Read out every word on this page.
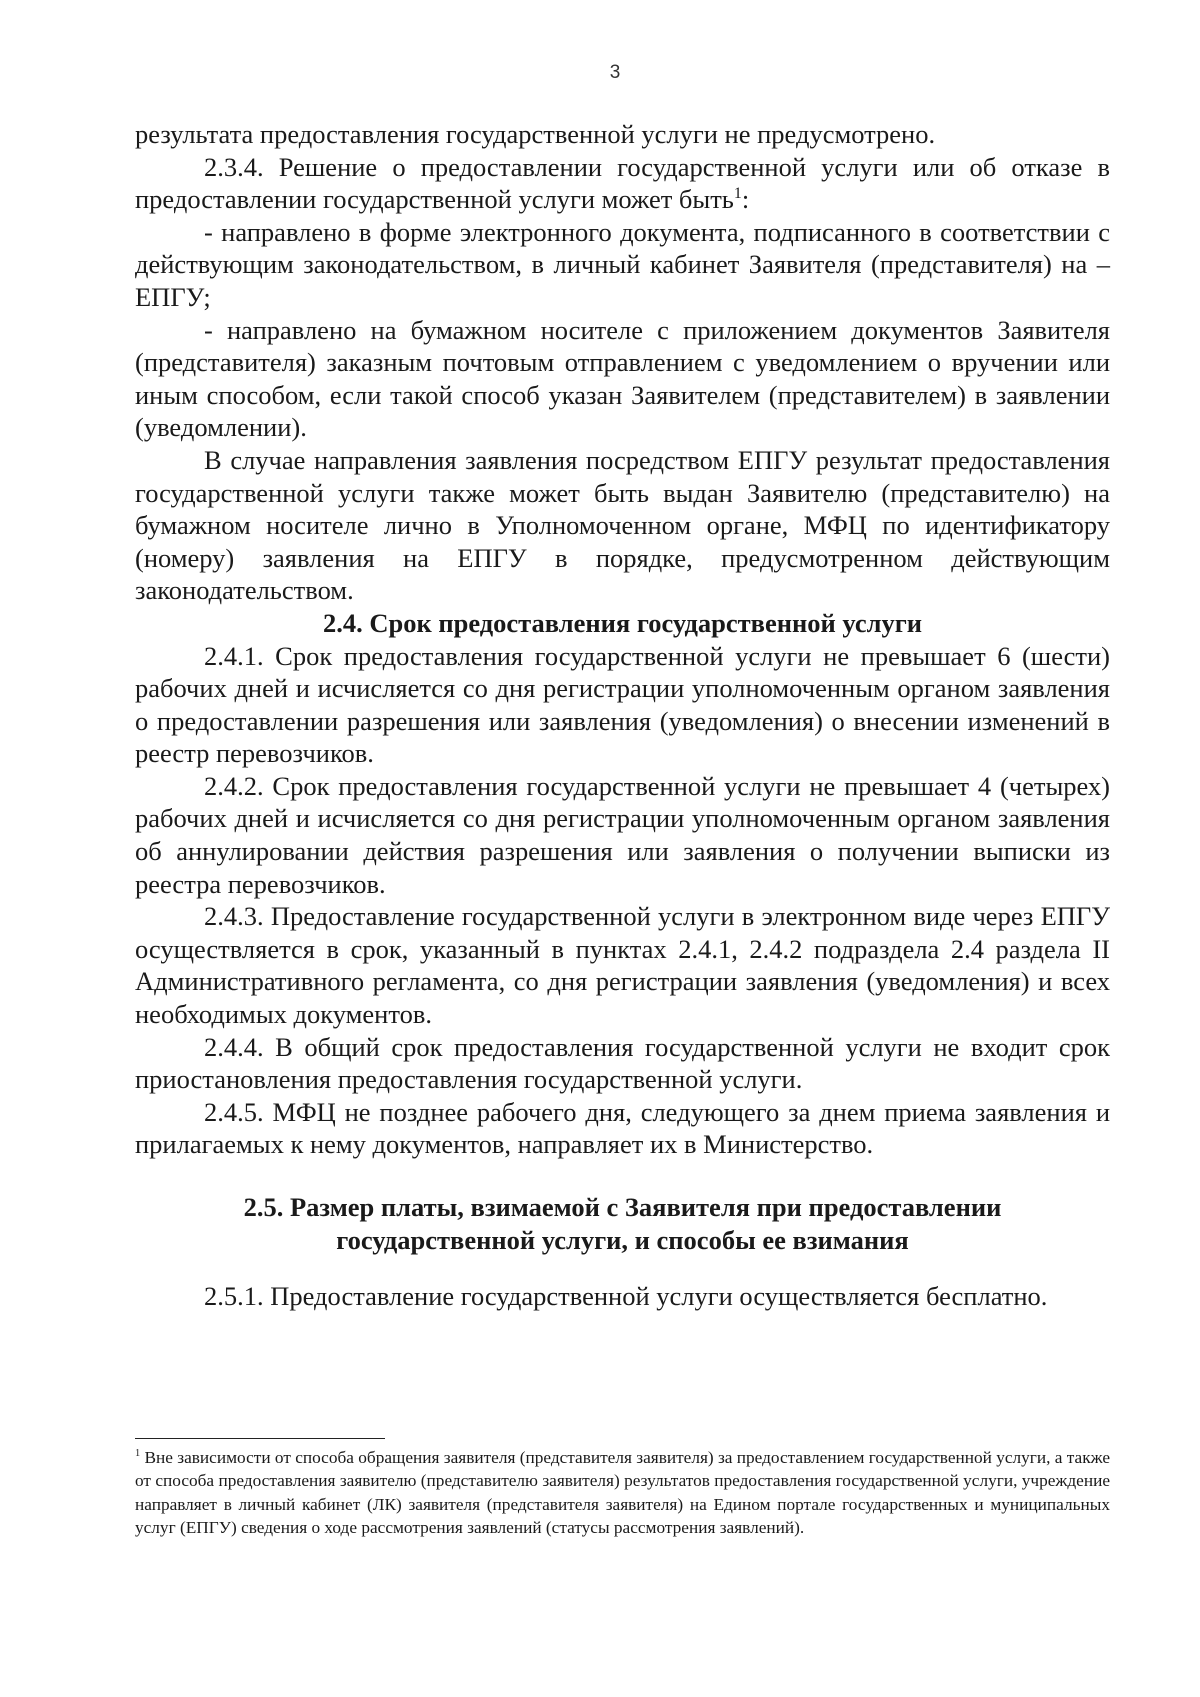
3

результата предоставления государственной услуги не предусмотрено.

2.3.4. Решение о предоставлении государственной услуги или об отказе в предоставлении государственной услуги может быть$^1$:

- направлено в форме электронного документа, подписанного в соответствии с действующим законодательством, в личный кабинет Заявителя (представителя) на – ЕПГУ;

- направлено на бумажном носителе с приложением документов Заявителя (представителя) заказным почтовым отправлением с уведомлением о вручении или иным способом, если такой способ указан Заявителем (представителем) в заявлении (уведомлении).

В случае направления заявления посредством ЕПГУ результат предоставления государственной услуги также может быть выдан Заявителю (представителю) на бумажном носителе лично в Уполномоченном органе, МФЦ по идентификатору (номеру) заявления на ЕПГУ в порядке, предусмотренном действующим законодательством.

2.4. Срок предоставления государственной услуги

2.4.1. Срок предоставления государственной услуги не превышает 6 (шести) рабочих дней и исчисляется со дня регистрации уполномоченным органом заявления о предоставлении разрешения или заявления (уведомления) о внесении изменений в реестр перевозчиков.

2.4.2. Срок предоставления государственной услуги не превышает 4 (четырех) рабочих дней и исчисляется со дня регистрации уполномоченным органом заявления об аннулировании действия разрешения или заявления о получении выписки из реестра перевозчиков.

2.4.3. Предоставление государственной услуги в электронном виде через ЕПГУ осуществляется в срок, указанный в пунктах 2.4.1, 2.4.2 подраздела 2.4 раздела II Административного регламента, со дня регистрации заявления (уведомления) и всех необходимых документов.

2.4.4. В общий срок предоставления государственной услуги не входит срок приостановления предоставления государственной услуги.

2.4.5. МФЦ не позднее рабочего дня, следующего за днем приема заявления и прилагаемых к нему документов, направляет их в Министерство.

2.5. Размер платы, взимаемой с Заявителя при предоставлении
государственной услуги, и способы ее взимания

2.5.1. Предоставление государственной услуги осуществляется бесплатно.

$^1$ Вне зависимости от способа обращения заявителя (представителя заявителя) за предоставлением государственной услуги, а также от способа предоставления заявителю (представителю заявителя) результатов предоставления государственной услуги, учреждение направляет в личный кабинет (ЛК) заявителя (представителя заявителя) на Едином портале государственных и муниципальных услуг (ЕПГУ) сведения о ходе рассмотрения заявлений (статусы рассмотрения заявлений).
